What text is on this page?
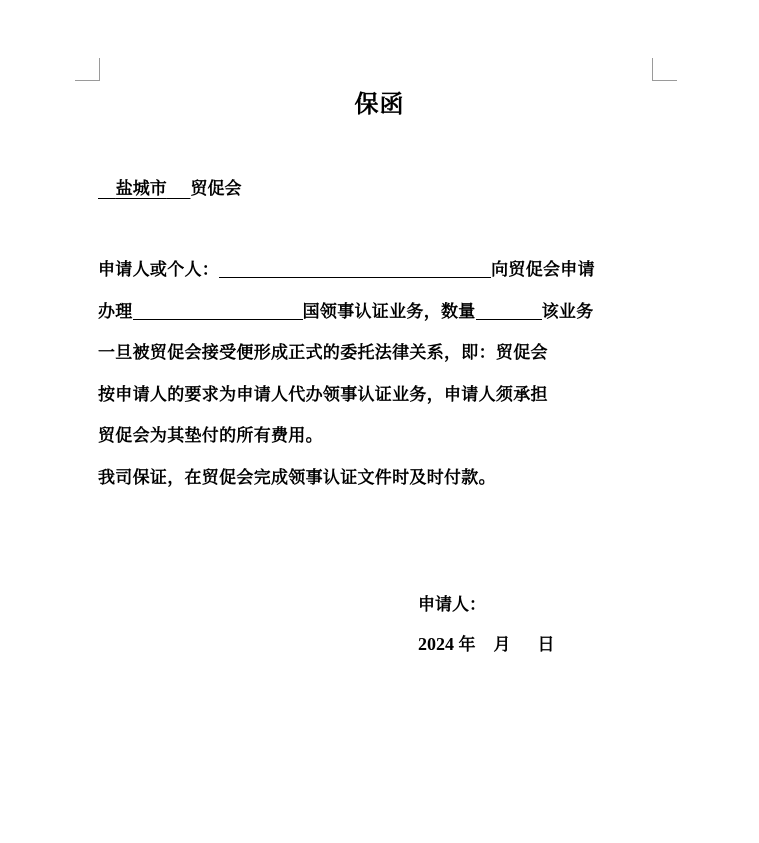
保函
盐城市 贸促会
申请人或个人：	向贸促会申请
办理	国领事认证业务，数量	该业务
一旦被贸促会接受便形成正式的委托法律关系，即：贸促会
按申请人的要求为申请人代办领事认证业务，申请人须承担
贸促会为其垫付的所有费用。
我司保证，在贸促会完成领事认证文件时及时付款。
申请人：
2024 年 月 日
